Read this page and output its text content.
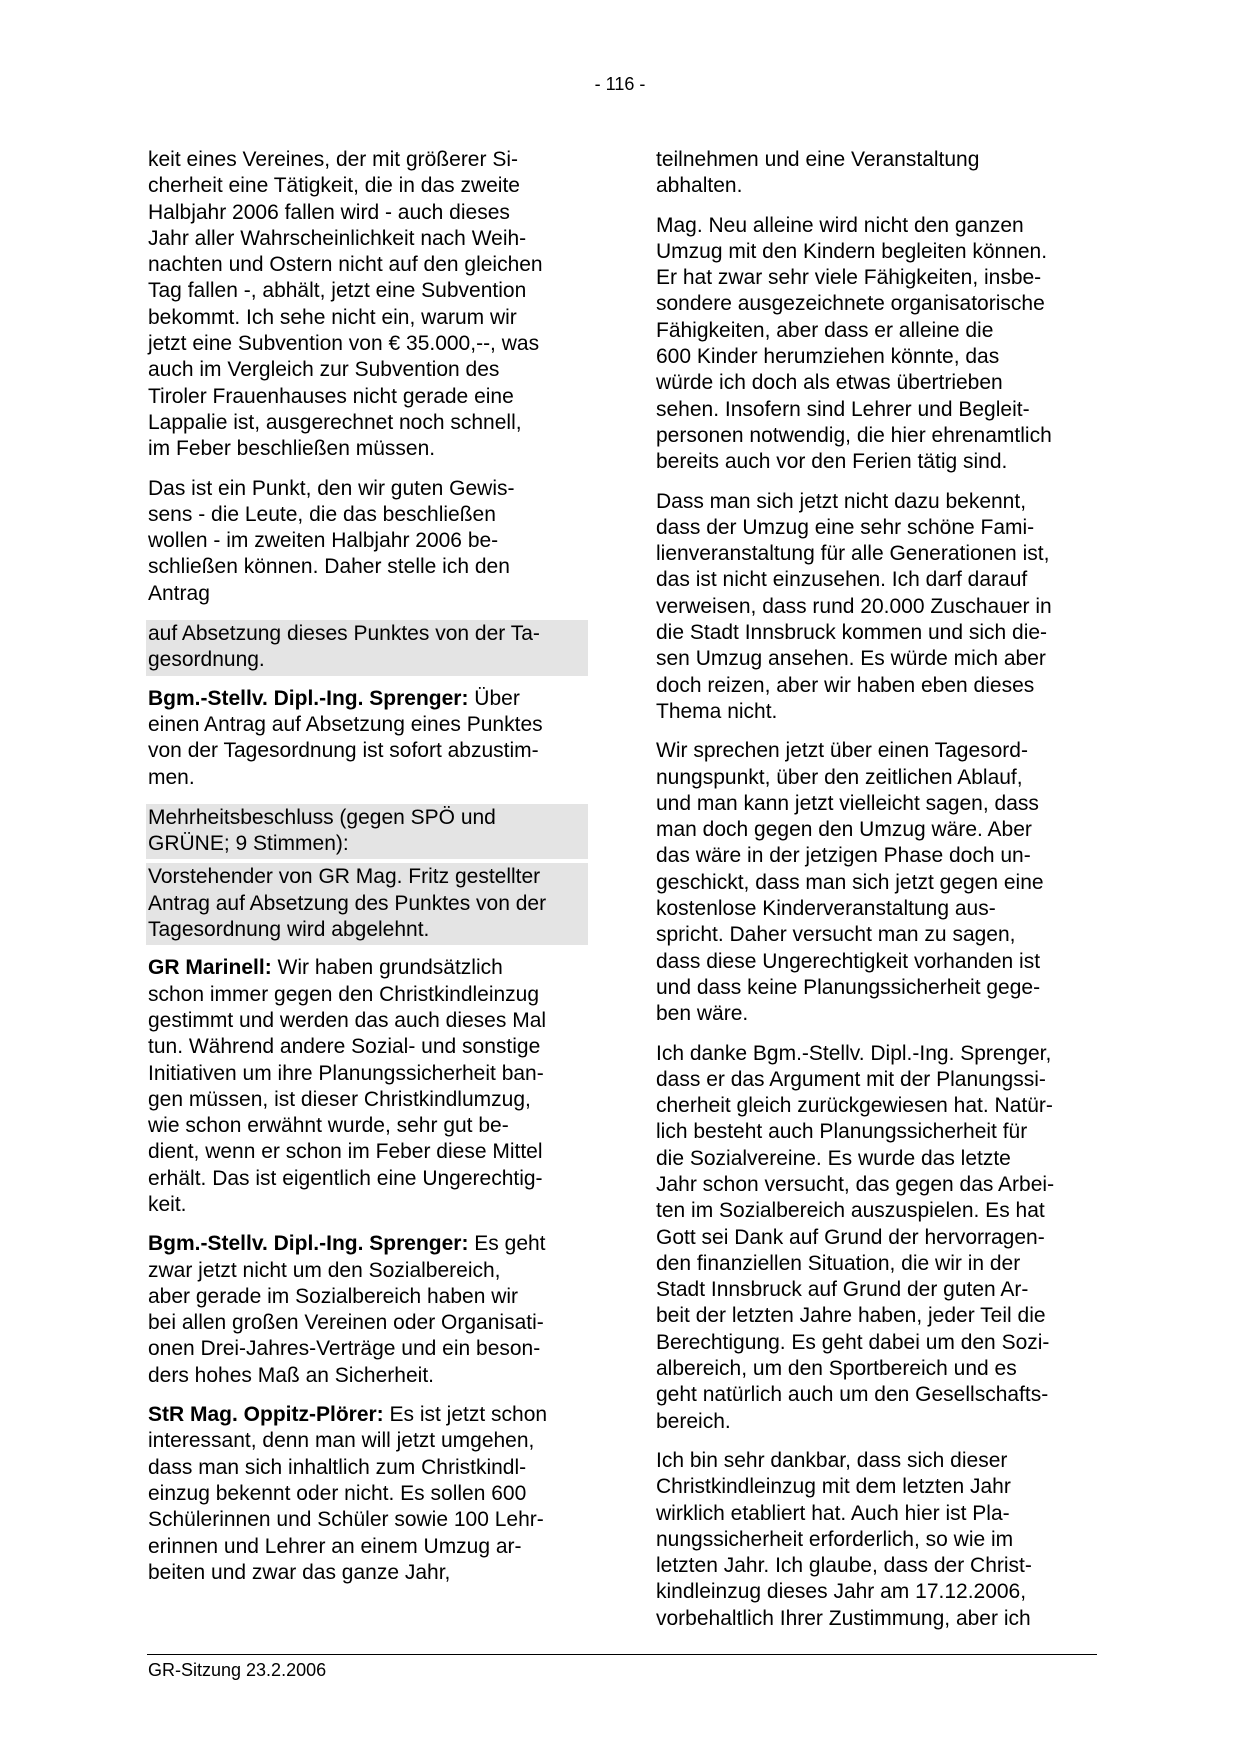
- 116 -
keit eines Vereines, der mit größerer Si-
cherheit eine Tätigkeit, die in das zweite
Halbjahr 2006 fallen wird - auch dieses
Jahr aller Wahrscheinlichkeit nach Weih-
nachten und Ostern nicht auf den gleichen
Tag fallen -, abhält, jetzt eine Subvention
bekommt. Ich sehe nicht ein, warum wir
jetzt eine Subvention von € 35.000,--, was
auch im Vergleich zur Subvention des
Tiroler Frauenhauses nicht gerade eine
Lappalie ist, ausgerechnet noch schnell,
im Feber beschließen müssen.
Das ist ein Punkt, den wir guten Gewis-
sens - die Leute, die das beschließen
wollen - im zweiten Halbjahr 2006 be-
schließen können. Daher stelle ich den
Antrag
auf Absetzung dieses Punktes von der Ta-
gesordnung.
Bgm.-Stellv. Dipl.-Ing. Sprenger: Über
einen Antrag auf Absetzung eines Punktes
von der Tagesordnung ist sofort abzustim-
men.
Mehrheitsbeschluss (gegen SPÖ und
GRÜNE; 9 Stimmen):
Vorstehender von GR Mag. Fritz gestellter
Antrag auf Absetzung des Punktes von der
Tagesordnung wird abgelehnt.
GR Marinell: Wir haben grundsätzlich
schon immer gegen den Christkindleinzug
gestimmt und werden das auch dieses Mal
tun. Während andere Sozial- und sonstige
Initiativen um ihre Planungssicherheit ban-
gen müssen, ist dieser Christkindlumzug,
wie schon erwähnt wurde, sehr gut be-
dient, wenn er schon im Feber diese Mittel
erhält. Das ist eigentlich eine Ungerechtig-
keit.
Bgm.-Stellv. Dipl.-Ing. Sprenger: Es geht
zwar jetzt nicht um den Sozialbereich,
aber gerade im Sozialbereich haben wir
bei allen großen Vereinen oder Organisati-
onen Drei-Jahres-Verträge und ein beson-
ders hohes Maß an Sicherheit.
StR Mag. Oppitz-Plörer: Es ist jetzt schon
interessant, denn man will jetzt umgehen,
dass man sich inhaltlich zum Christkindl-
einzug bekennt oder nicht. Es sollen 600
Schülerinnen und Schüler sowie 100 Lehr-
erinnen und Lehrer an einem Umzug ar-
beiten und zwar das ganze Jahr,
teilnehmen und eine Veranstaltung
abhalten.
Mag. Neu alleine wird nicht den ganzen
Umzug mit den Kindern begleiten können.
Er hat zwar sehr viele Fähigkeiten, insbe-
sondere ausgezeichnete organisatorische
Fähigkeiten, aber dass er alleine die
600 Kinder herumziehen könnte, das
würde ich doch als etwas übertrieben
sehen. Insofern sind Lehrer und Begleit-
personen notwendig, die hier ehrenamtlich
bereits auch vor den Ferien tätig sind.
Dass man sich jetzt nicht dazu bekennt,
dass der Umzug eine sehr schöne Fami-
lienveranstaltung für alle Generationen ist,
das ist nicht einzusehen. Ich darf darauf
verweisen, dass rund 20.000 Zuschauer in
die Stadt Innsbruck kommen und sich die-
sen Umzug ansehen. Es würde mich aber
doch reizen, aber wir haben eben dieses
Thema nicht.
Wir sprechen jetzt über einen Tagesord-
nungspunkt, über den zeitlichen Ablauf,
und man kann jetzt vielleicht sagen, dass
man doch gegen den Umzug wäre. Aber
das wäre in der jetzigen Phase doch un-
geschickt, dass man sich jetzt gegen eine
kostenlose Kinderveranstaltung aus-
spricht. Daher versucht man zu sagen,
dass diese Ungerechtigkeit vorhanden ist
und dass keine Planungssicherheit gege-
ben wäre.
Ich danke Bgm.-Stellv. Dipl.-Ing. Sprenger,
dass er das Argument mit der Planungssi-
cherheit gleich zurückgewiesen hat. Natür-
lich besteht auch Planungssicherheit für
die Sozialvereine. Es wurde das letzte
Jahr schon versucht, das gegen das Arbei-
ten im Sozialbereich auszuspielen. Es hat
Gott sei Dank auf Grund der hervorragen-
den finanziellen Situation, die wir in der
Stadt Innsbruck auf Grund der guten Ar-
beit der letzten Jahre haben, jeder Teil die
Berechtigung. Es geht dabei um den Sozi-
albereich, um den Sportbereich und es
geht natürlich auch um den Gesellschafts-
bereich.
Ich bin sehr dankbar, dass sich dieser
Christkindleinzug mit dem letzten Jahr
wirklich etabliert hat. Auch hier ist Pla-
nungssicherheit erforderlich, so wie im
letzten Jahr. Ich glaube, dass der Christ-
kindleinzug dieses Jahr am 17.12.2006,
vorbehaltlich Ihrer Zustimmung, aber ich
GR-Sitzung 23.2.2006
